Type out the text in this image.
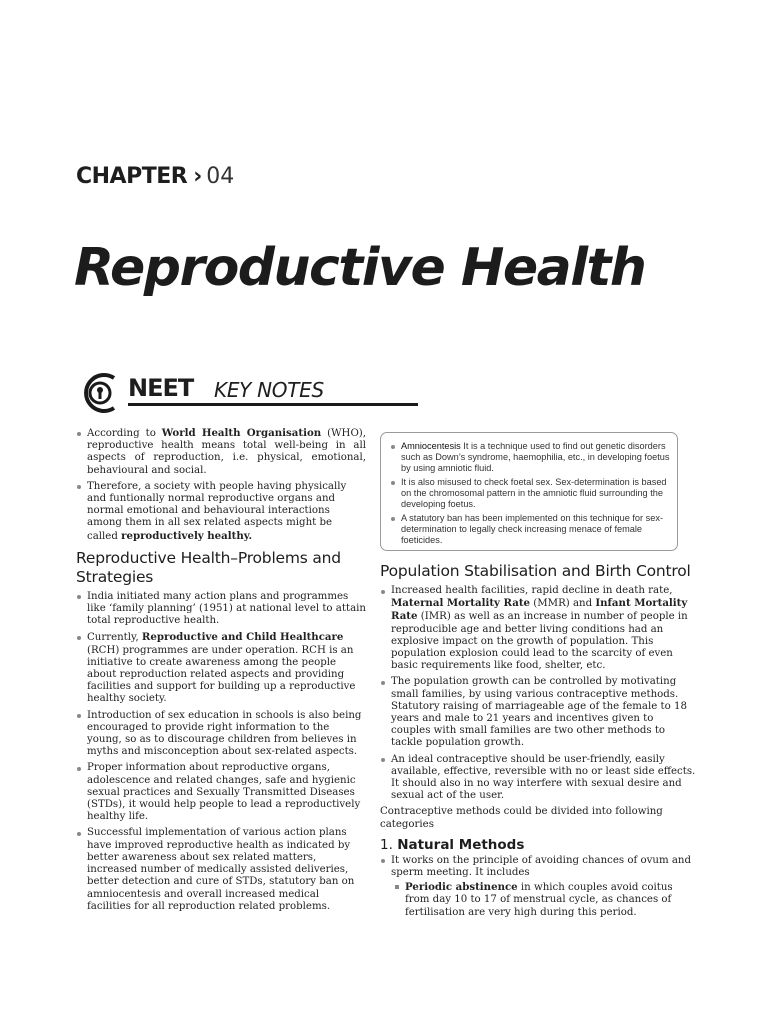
CHAPTER › 04
Reproductive Health
NEET KEY NOTES
According to World Health Organisation (WHO), reproductive health means total well-being in all aspects of reproduction, i.e. physical, emotional, behavioural and social.
Therefore, a society with people having physically and funtionally normal reproductive organs and normal emotional and behavioural interactions among them in all sex related aspects might be called reproductively healthy.
Reproductive Health–Problems and Strategies
India initiated many action plans and programmes like ‘family planning’ (1951) at national level to attain total reproductive health.
Currently, Reproductive and Child Healthcare (RCH) programmes are under operation. RCH is an initiative to create awareness among the people about reproduction related aspects and providing facilities and support for building up a reproductive healthy society.
Introduction of sex education in schools is also being encouraged to provide right information to the young, so as to discourage children from believes in myths and misconception about sex-related aspects.
Proper information about reproductive organs, adolescence and related changes, safe and hygienic sexual practices and Sexually Transmitted Diseases (STDs), it would help people to lead a reproductively healthy life.
Successful implementation of various action plans have improved reproductive health as indicated by better awareness about sex related matters, increased number of medically assisted deliveries, better detection and cure of STDs, statutory ban on amniocentesis and overall increased medical facilities for all reproduction related problems.
Amniocentesis It is a technique used to find out genetic disorders such as Down’s syndrome, haemophilia, etc., in developing foetus by using amniotic fluid.
It is also misused to check foetal sex. Sex-determination is based on the chromosomal pattern in the amniotic fluid surrounding the developing foetus.
A statutory ban has been implemented on this technique for sex-determination to legally check increasing menace of female foeticides.
Population Stabilisation and Birth Control
Increased health facilities, rapid decline in death rate, Maternal Mortality Rate (MMR) and Infant Mortality Rate (IMR) as well as an increase in number of people in reproducible age and better living conditions had an explosive impact on the growth of population. This population explosion could lead to the scarcity of even basic requirements like food, shelter, etc.
The population growth can be controlled by motivating small families, by using various contraceptive methods. Statutory raising of marriageable age of the female to 18 years and male to 21 years and incentives given to couples with small families are two other methods to tackle population growth.
An ideal contraceptive should be user-friendly, easily available, effective, reversible with no or least side effects. It should also in no way interfere with sexual desire and sexual act of the user.

Contraceptive methods could be divided into following categories

1. Natural Methods
It works on the principle of avoiding chances of ovum and sperm meeting. It includes
Periodic abstinence in which couples avoid coitus from day 10 to 17 of menstrual cycle, as chances of fertilisation are very high during this period.
